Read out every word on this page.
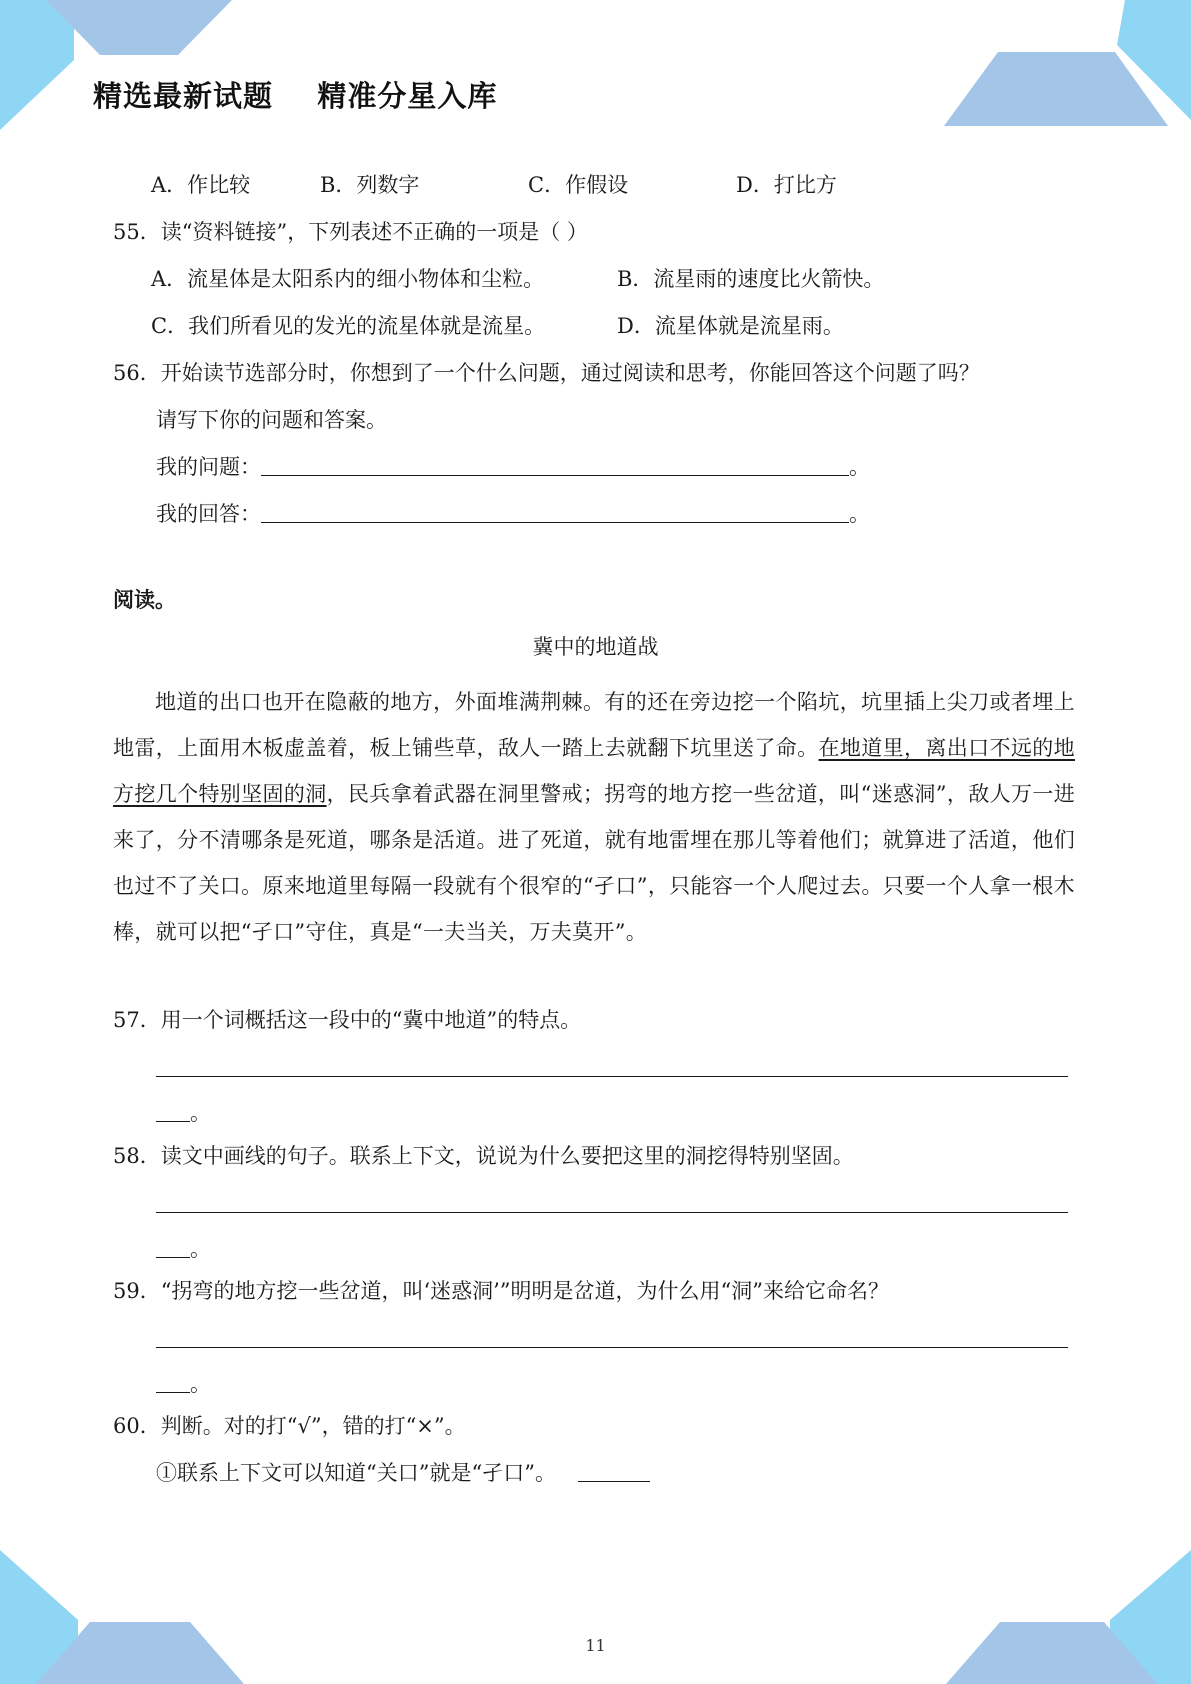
精选最新试题    精准分星入库
A．作比较	B．列数字	C．作假设	D．打比方
55．读“资料链接”，下列表述不正确的一项是（ ）
A．流星体是太阳系内的细小物体和尘粒。	B．流星雨的速度比火箭快。
C．我们所看见的发光的流星体就是流星。	D．流星体就是流星雨。
56．开始读节选部分时，你想到了一个什么问题，通过阅读和思考，你能回答这个问题了吗？
请写下你的问题和答案。
我的问题：	。
我的回答：	。
阅读。
冀中的地道战

地道的出口也开在隐蔽的地方，外面堆满荆棘。有的还在旁边挖一个陷坑，坑里插上尖刀或者埋上地雷，上面用木板虚盖着，板上铺些草，敌人一踏上去就翻下坑里送了命。在地道里，离出口不远的地方挖几个特别坚固的洞，民兵拿着武器在洞里警戒；拐弯的地方挖一些岔道，叫“迷惑洞”，敌人万一进来了，分不清哪条是死道，哪条是活道。进了死道，就有地雷埋在那儿等着他们；就算进了活道，他们也过不了关口。原来地道里每隔一段就有个很窄的“孑口”，只能容一个人爬过去。只要一个人拿一根木棒，就可以把“孑口”守住，真是“一夫当关，万夫莫开”。

57．用一个词概括这一段中的“冀中地道”的特点。
。
58．读文中画线的句子。联系上下文，说说为什么要把这里的洞挖得特别坚固。
。
59．“拐弯的地方挖一些岔道，叫‘迷惑洞’”明明是岔道，为什么用“洞”来给它命名？
。
60．判断。对的打“√”，错的打“×”。
①联系上下文可以知道“关口”就是“孑口”。
11
